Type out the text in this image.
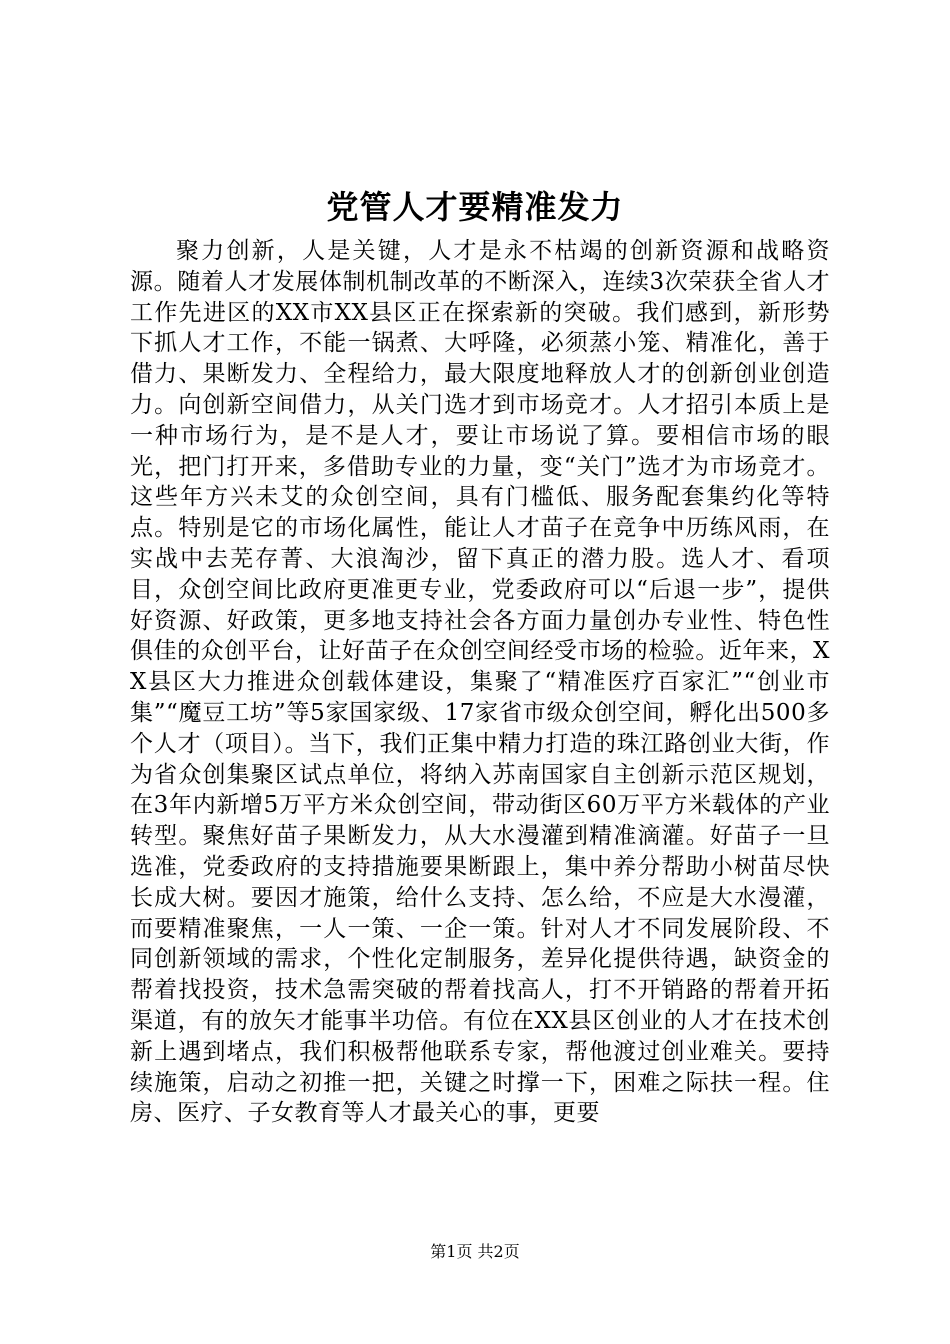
党管人才要精准发力

聚力创新，人是关键，人才是永不枯竭的创新资源和战略资源。随着人才发展体制机制改革的不断深入，连续3次荣获全省人才工作先进区的XX市XX县区正在探索新的突破。我们感到，新形势下抓人才工作，不能一锅煮、大呼隆，必须蒸小笼、精准化，善于借力、果断发力、全程给力，最大限度地释放人才的创新创业创造力。向创新空间借力，从关门选才到市场竞才。人才招引本质上是一种市场行为，是不是人才，要让市场说了算。要相信市场的眼光，把门打开来，多借助专业的力量，变“关门”选才为市场竞才。这些年方兴未艾的众创空间，具有门槛低、服务配套集约化等特点。特别是它的市场化属性，能让人才苗子在竞争中历练风雨，在实战中去芜存菁、大浪淘沙，留下真正的潜力股。选人才、看项目，众创空间比政府更准更专业，党委政府可以“后退一步”，提供好资源、好政策，更多地支持社会各方面力量创办专业性、特色性俱佳的众创平台，让好苗子在众创空间经受市场的检验。近年来，XX县区大力推进众创载体建设，集聚了“精准医疗百家汇”“创业市集”“魔豆工坊”等5家国家级、17家省市级众创空间，孵化出500多个人才（项目）。当下，我们正集中精力打造的珠江路创业大街，作为省众创集聚区试点单位，将纳入苏南国家自主创新示范区规划，在3年内新增5万平方米众创空间，带动街区60万平方米载体的产业转型。聚焦好苗子果断发力，从大水漫灌到精准滴灌。好苗子一旦选准，党委政府的支持措施要果断跟上，集中养分帮助小树苗尽快长成大树。要因才施策，给什么支持、怎么给，不应是大水漫灌，而要精准聚焦，一人一策、一企一策。针对人才不同发展阶段、不同创新领域的需求，个性化定制服务，差异化提供待遇，缺资金的帮着找投资，技术急需突破的帮着找高人，打不开销路的帮着开拓渠道，有的放矢才能事半功倍。有位在XX县区创业的人才在技术创新上遇到堵点，我们积极帮他联系专家，帮他渡过创业难关。要持续施策，启动之初推一把，关键之时撑一下，困难之际扶一程。住房、医疗、子女教育等人才最关心的事，更要

第1页 共2页
